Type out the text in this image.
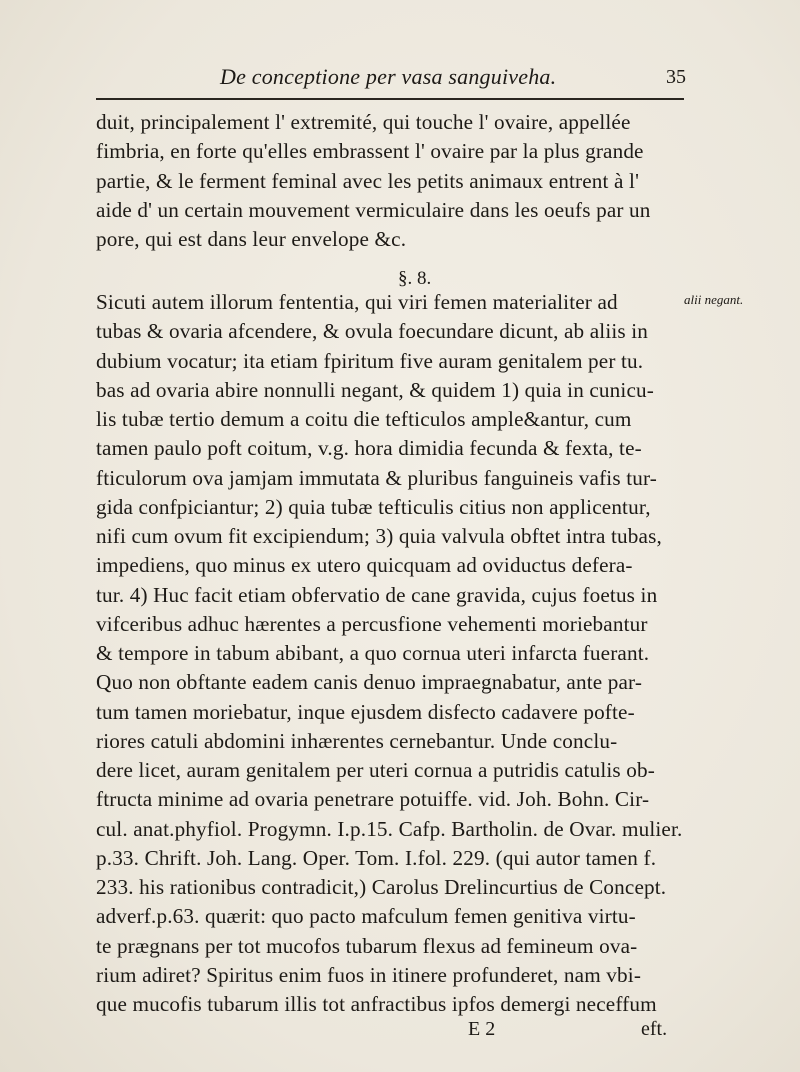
De conceptione per vasa sanguiveha.	35
duit, principalement l' extremité, qui touche l' ovaire, appellée
fimbria, en forte qu'elles embrassent l' ovaire par la plus grande
partie, & le ferment feminal avec les petits animaux entrent à l'
aide d' un certain mouvement vermiculaire dans les oeufs par un
pore, qui est dans leur envelope &c.
§. 8.
Sicuti autem illorum fententia, qui viri femen materialiter ad	alii negant.
tubas & ovaria afcendere, & ovula foecundare dicunt, ab aliis in
dubium vocatur; ita etiam fpiritum five auram genitalem per tu.
bas ad ovaria abire nonnulli negant, & quidem 1) quia in cunicu-
lis tubæ tertio demum a coitu die tefticulos ample&antur, cum
tamen paulo poft coitum, v.g. hora dimidia fecunda & fexta, te-
fticulorum ova jamjam immutata & pluribus fanguineis vafis tur-
gida confpiciantur; 2) quia tubæ tefticulis citius non applicentur,
nifi cum ovum fit excipiendum; 3) quia valvula obftet intra tubas,
impediens, quo minus ex utero quicquam ad oviductus defera-
tur. 4) Huc facit etiam obfervatio de cane gravida, cujus foetus in
vifceribus adhuc hærentes a percusfione vehementi moriebantur
& tempore in tabum abibant, a quo cornua uteri infarcta fuerant.
Quo non obftante eadem canis denuo impraegnabatur, ante par-
tum tamen moriebatur, inque ejusdem disfecto cadavere pofte-
riores catuli abdomini inhærentes cernebantur. Unde conclu-
dere licet, auram genitalem per uteri cornua a putridis catulis ob-
ftructa minime ad ovaria penetrare potuiffe. vid. Joh. Bohn. Cir-
cul. anat.phyfiol. Progymn. I.p.15. Cafp. Bartholin. de Ovar. mulier.
p.33. Chrift. Joh. Lang. Oper. Tom. I.fol. 229. (qui autor tamen f.
233. his rationibus contradicit,) Carolus Drelincurtius de Concept.
adverf.p.63. quærit: quo pacto mafculum femen genitiva virtu-
te prægnans per tot mucofos tubarum flexus ad femineum ova-
rium adiret? Spiritus enim fuos in itinere profunderet, nam vbi-
que mucofis tubarum illis tot anfractibus ipfos demergi neceffum
E 2	eft.
